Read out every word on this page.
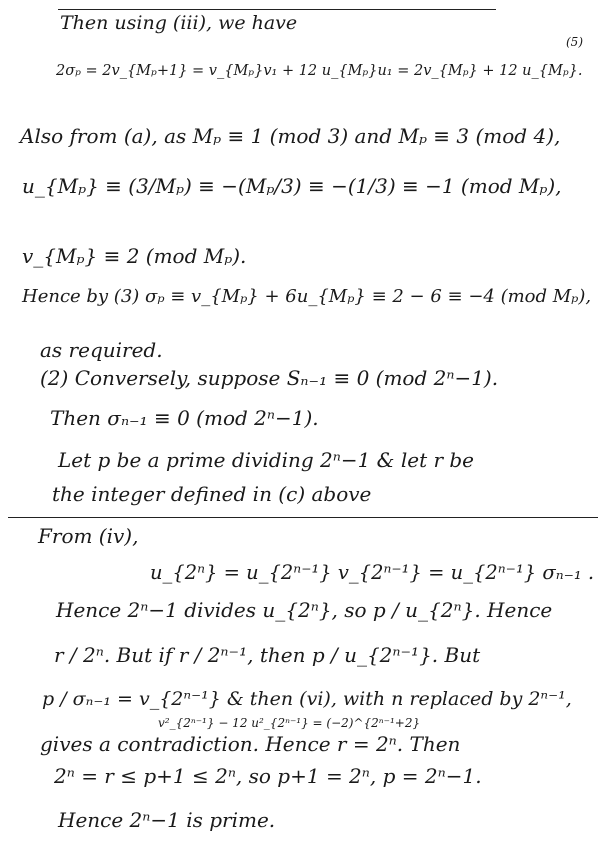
(5)
Then using (iii), we have
2σₚ = 2v_{Mₚ+1} = v_{Mₚ}v₁ + 12 u_{Mₚ}u₁ = 2v_{Mₚ} + 12 u_{Mₚ}.
Also from (a), as Mₚ ≡ 1 (mod 3) and Mₚ ≡ 3 (mod 4),
u_{Mₚ} ≡ (3/Mₚ) ≡ −(Mₚ/3) ≡ −(1/3) ≡ −1 (mod Mₚ),
v_{Mₚ} ≡ 2 (mod Mₚ).
Hence by (3) σₚ ≡ v_{Mₚ} + 6u_{Mₚ} ≡ 2 − 6 ≡ −4 (mod Mₚ),
as required.
(2) Conversely, suppose Sₙ₋₁ ≡ 0 (mod 2ⁿ−1).
Then σₙ₋₁ ≡ 0 (mod 2ⁿ−1).
Let p be a prime dividing 2ⁿ−1 & let r be
the integer defined in (c) above
From (iv),
u_{2ⁿ} = u_{2ⁿ⁻¹} v_{2ⁿ⁻¹} = u_{2ⁿ⁻¹} σₙ₋₁ .
Hence 2ⁿ−1 divides u_{2ⁿ}, so p / u_{2ⁿ}. Hence
r / 2ⁿ. But if r / 2ⁿ⁻¹, then p / u_{2ⁿ⁻¹}. But
p / σₙ₋₁ = v_{2ⁿ⁻¹} & then (vi), with n replaced by 2ⁿ⁻¹,
v²_{2ⁿ⁻¹} − 12 u²_{2ⁿ⁻¹} = (−2)^{2ⁿ⁻¹+2}
gives a contradiction. Hence r = 2ⁿ. Then
2ⁿ = r ≤ p+1 ≤ 2ⁿ, so p+1 = 2ⁿ, p = 2ⁿ−1.
Hence 2ⁿ−1 is prime.
